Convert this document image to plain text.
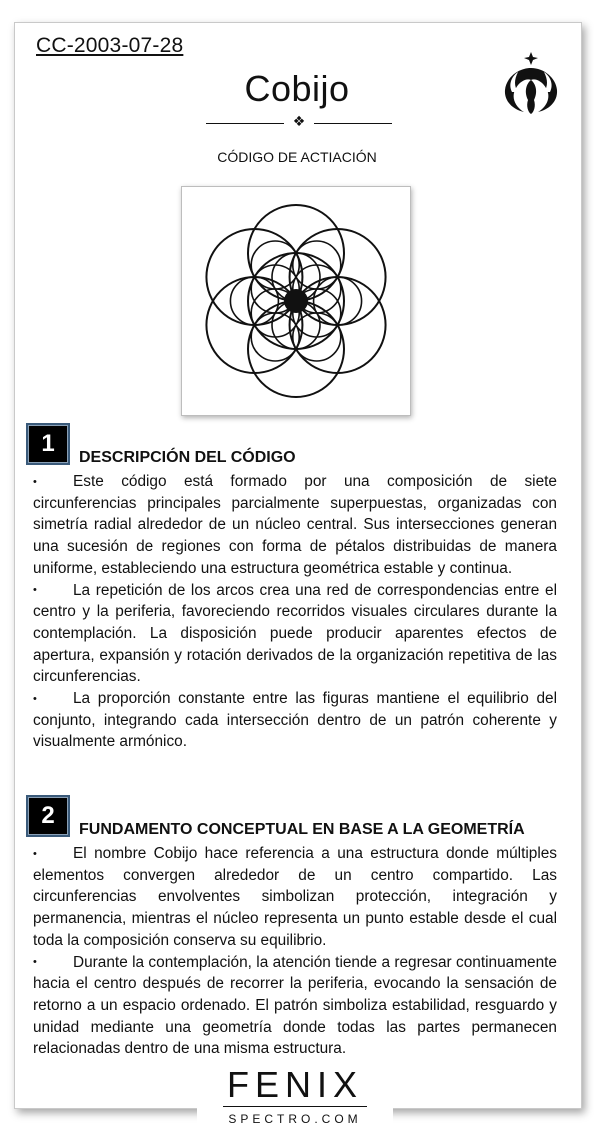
CC-2003-07-28
Cobijo
❖
CÓDIGO DE ACTIACIÓN
1
DESCRIPCIÓN DEL CÓDIGO

• Este código está formado por una composición de siete circunferencias principales parcialmente superpuestas, organizadas con simetría radial alrededor de un núcleo central. Sus intersecciones generan una sucesión de regiones con forma de pétalos distribuidas de manera uniforme, estableciendo una estructura geométrica estable y continua.

• La repetición de los arcos crea una red de correspondencias entre el centro y la periferia, favoreciendo recorridos visuales circulares durante la contemplación. La disposición puede producir aparentes efectos de apertura, expansión y rotación derivados de la organización repetitiva de las circunferencias.

• La proporción constante entre las figuras mantiene el equilibrio del conjunto, integrando cada intersección dentro de un patrón coherente y visualmente armónico.

2
FUNDAMENTO CONCEPTUAL EN BASE A LA GEOMETRÍA

• El nombre Cobijo hace referencia a una estructura donde múltiples elementos convergen alrededor de un centro compartido. Las circunferencias envolventes simbolizan protección, integración y permanencia, mientras el núcleo representa un punto estable desde el cual toda la composición conserva su equilibrio.

• Durante la contemplación, la atención tiende a regresar continuamente hacia el centro después de recorrer la periferia, evocando la sensación de retorno a un espacio ordenado. El patrón simboliza estabilidad, resguardo y unidad mediante una geometría donde todas las partes permanecen relacionadas dentro de una misma estructura.

FENIX
SPECTRO.COM
